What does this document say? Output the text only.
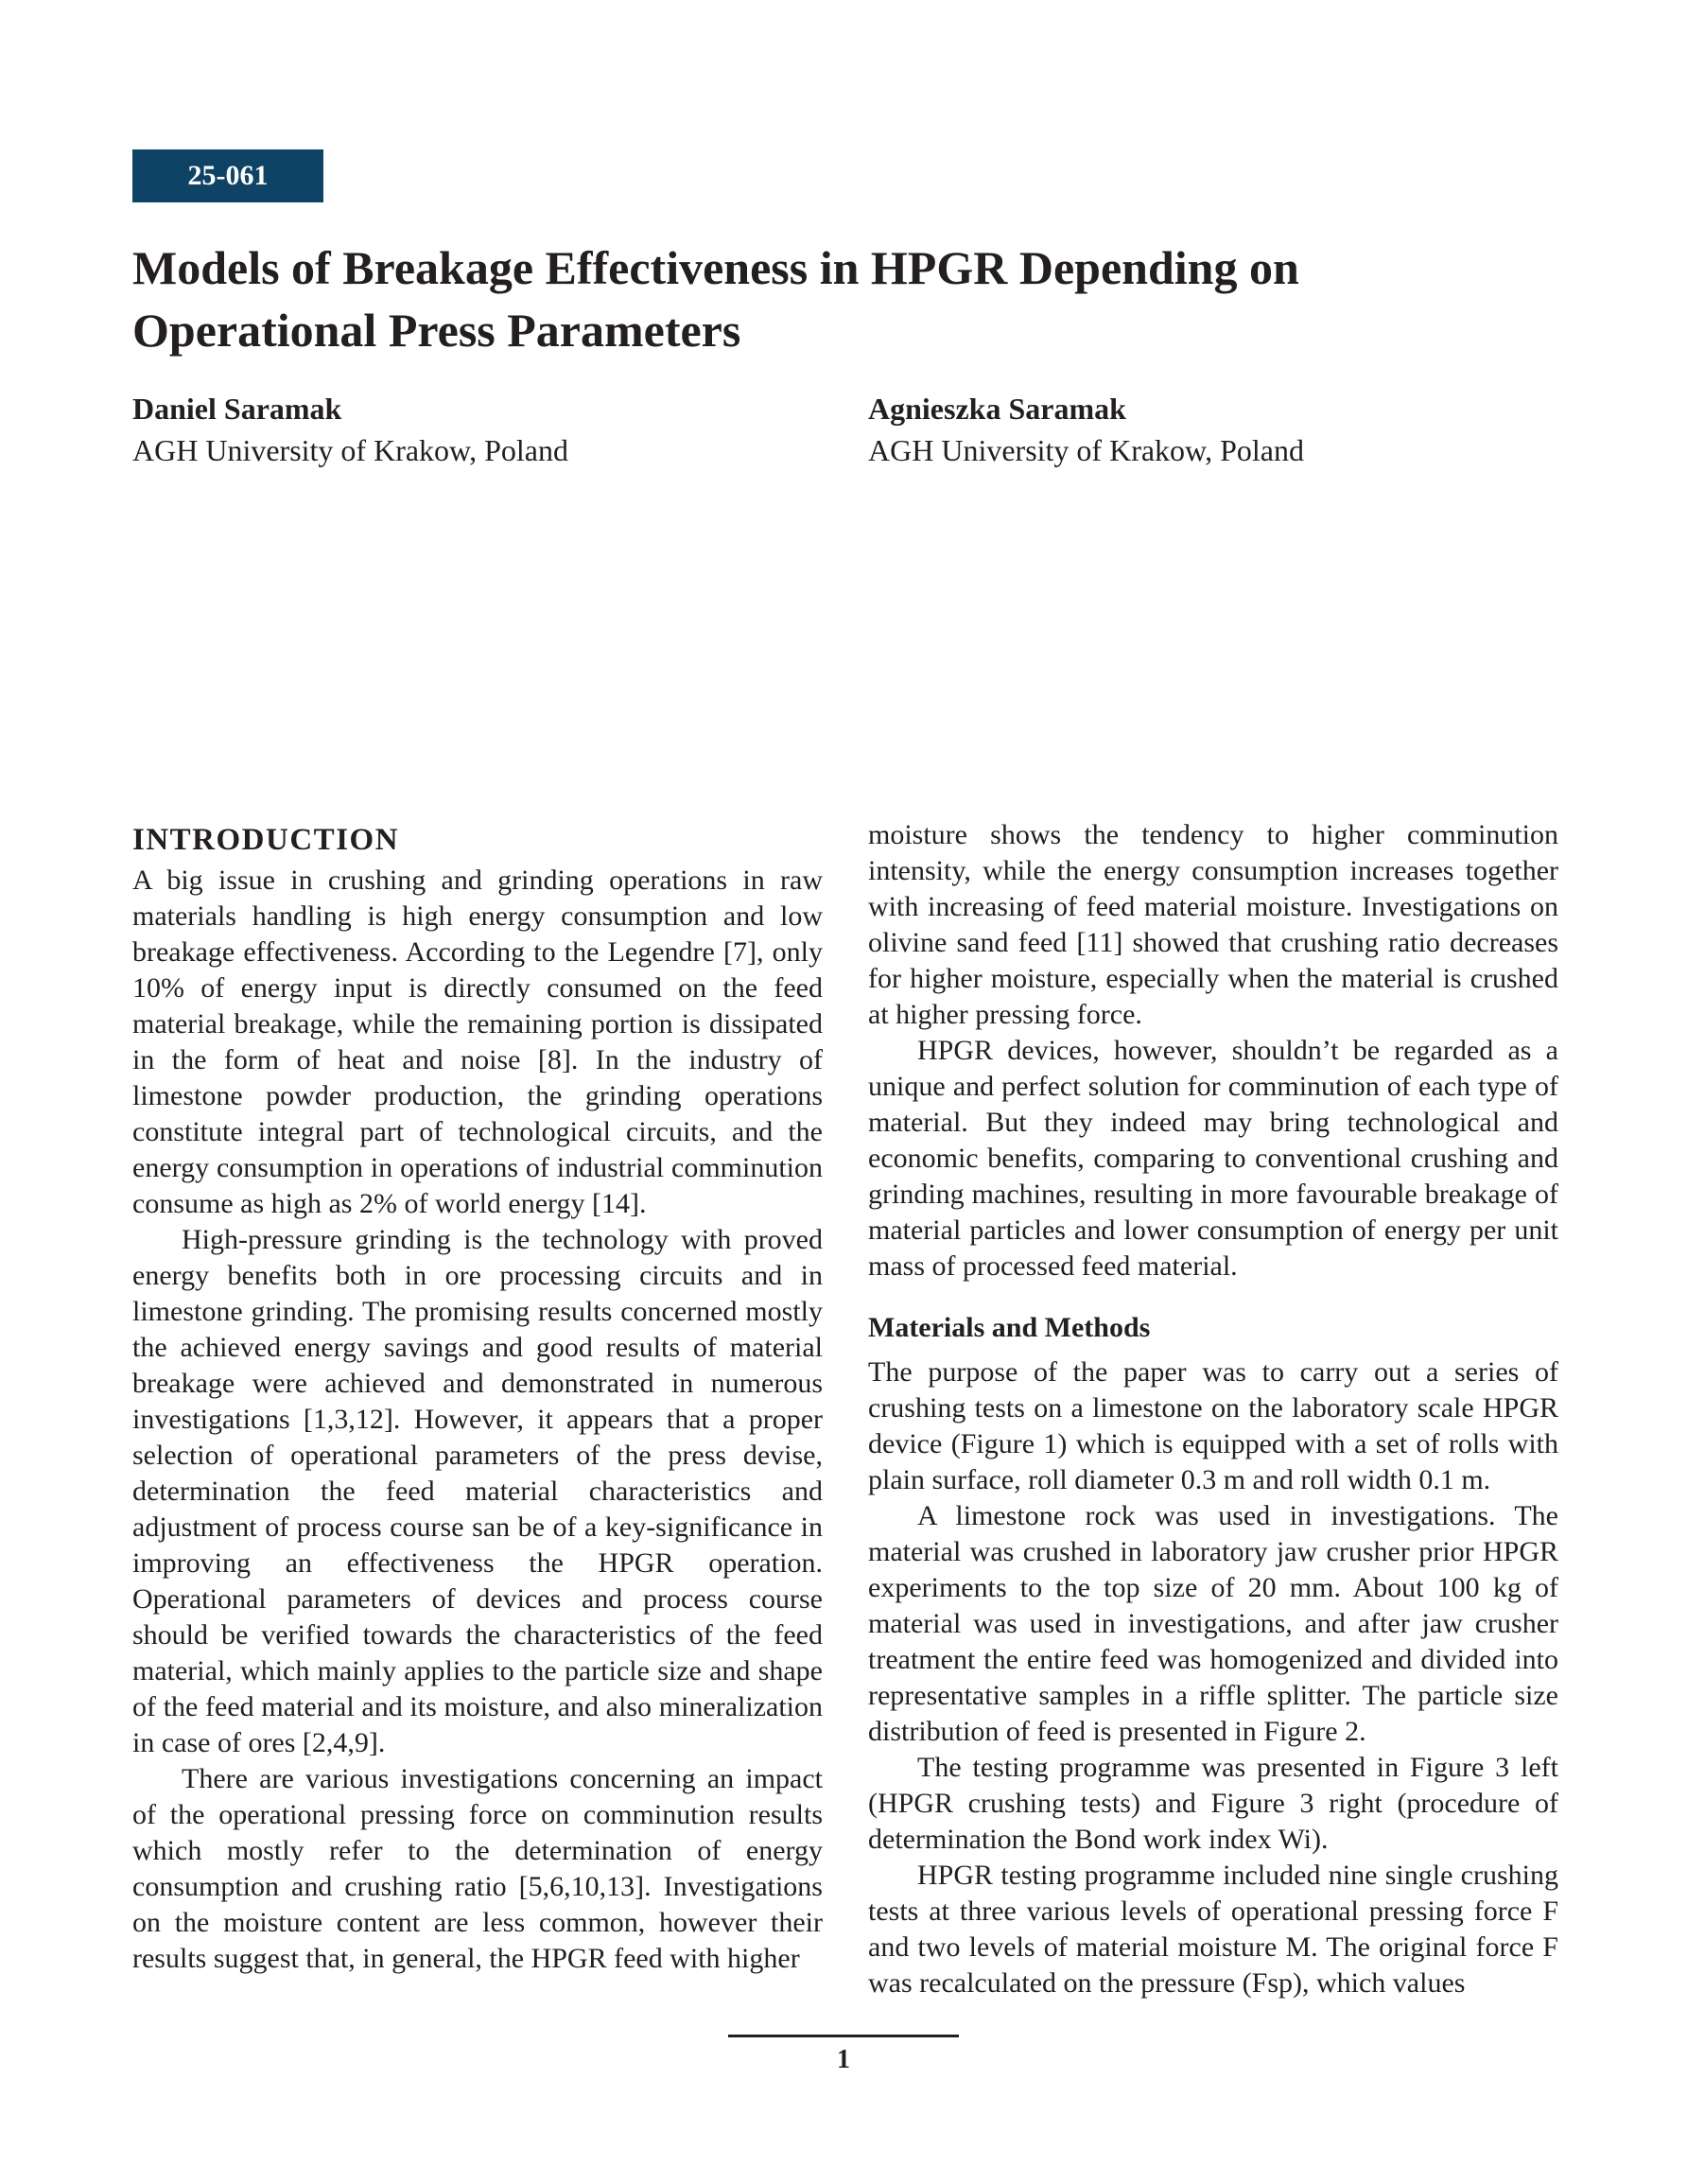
25-061
Models of Breakage Effectiveness in HPGR Depending on Operational Press Parameters
Daniel Saramak
AGH University of Krakow, Poland
Agnieszka Saramak
AGH University of Krakow, Poland
INTRODUCTION

A big issue in crushing and grinding operations in raw materials handling is high energy consumption and low breakage effectiveness. According to the Legendre [7], only 10% of energy input is directly consumed on the feed material breakage, while the remaining portion is dissipated in the form of heat and noise [8]. In the industry of limestone powder production, the grinding operations constitute integral part of technological circuits, and the energy consumption in operations of industrial comminution consume as high as 2% of world energy [14].

High-pressure grinding is the technology with proved energy benefits both in ore processing circuits and in limestone grinding. The promising results concerned mostly the achieved energy savings and good results of material breakage were achieved and demonstrated in numerous investigations [1,3,12]. However, it appears that a proper selection of operational parameters of the press devise, determination the feed material characteristics and adjustment of process course san be of a key-significance in improving an effectiveness the HPGR operation. Operational parameters of devices and process course should be verified towards the characteristics of the feed material, which mainly applies to the particle size and shape of the feed material and its moisture, and also mineralization in case of ores [2,4,9].

There are various investigations concerning an impact of the operational pressing force on comminution results which mostly refer to the determination of energy consumption and crushing ratio [5,6,10,13]. Investigations on the moisture content are less common, however their results suggest that, in general, the HPGR feed with higher

moisture shows the tendency to higher comminution intensity, while the energy consumption increases together with increasing of feed material moisture. Investigations on olivine sand feed [11] showed that crushing ratio decreases for higher moisture, especially when the material is crushed at higher pressing force.

HPGR devices, however, shouldn’t be regarded as a unique and perfect solution for comminution of each type of material. But they indeed may bring technological and economic benefits, comparing to conventional crushing and grinding machines, resulting in more favourable breakage of material particles and lower consumption of energy per unit mass of processed feed material.

Materials and Methods

The purpose of the paper was to carry out a series of crushing tests on a limestone on the laboratory scale HPGR device (Figure 1) which is equipped with a set of rolls with plain surface, roll diameter 0.3 m and roll width 0.1 m.

A limestone rock was used in investigations. The material was crushed in laboratory jaw crusher prior HPGR experiments to the top size of 20 mm. About 100 kg of material was used in investigations, and after jaw crusher treatment the entire feed was homogenized and divided into representative samples in a riffle splitter. The particle size distribution of feed is presented in Figure 2.

The testing programme was presented in Figure 3 left (HPGR crushing tests) and Figure 3 right (procedure of determination the Bond work index Wi).

HPGR testing programme included nine single crushing tests at three various levels of operational pressing force F and two levels of material moisture M. The original force F was recalculated on the pressure (Fsp), which values

1
